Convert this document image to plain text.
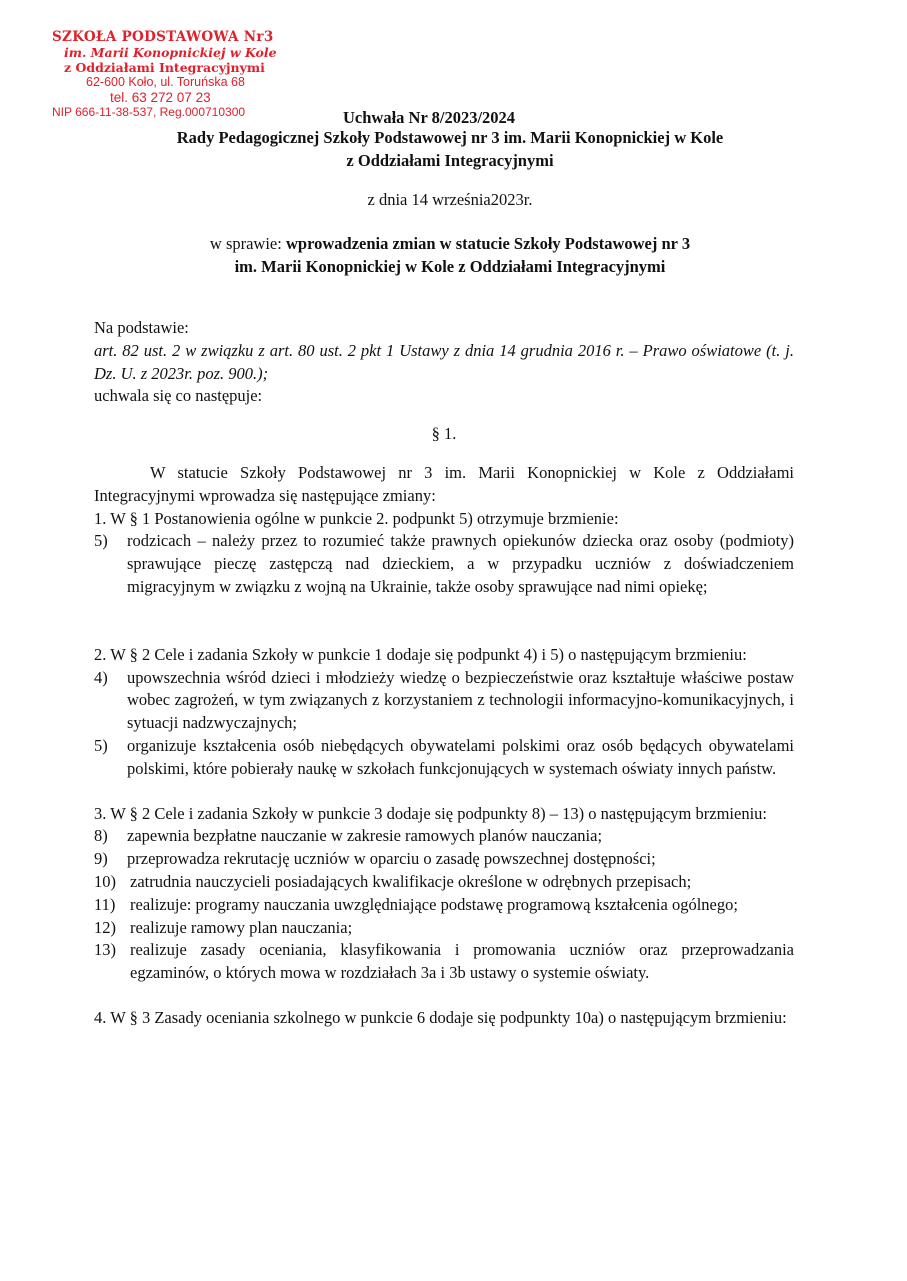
SZKOŁA PODSTAWOWA Nr3
im. Marii Konopnickiej w Kole
z Oddziałami Integracyjnymi
62-600 Koło, ul. Toruńska 68
tel. 63 272 07 23
NIP 666-11-38-537, Reg.000710300	Uchwała Nr 8/2023/2024
Rady Pedagogicznej Szkoły Podstawowej nr 3 im. Marii Konopnickiej w Kole
z Oddziałami Integracyjnymi
z dnia 14 września2023r.
w sprawie: wprowadzenia zmian w statucie Szkoły Podstawowej nr 3
im. Marii Konopnickiej w Kole z Oddziałami Integracyjnymi
Na podstawie:
art. 82 ust. 2 w związku z art. 80 ust. 2 pkt 1 Ustawy z dnia 14 grudnia 2016 r. – Prawo oświatowe (t. j. Dz. U. z 2023r. poz. 900.);
uchwala się co następuje:
§ 1.
W statucie Szkoły Podstawowej nr 3 im. Marii Konopnickiej w Kole z Oddziałami Integracyjnymi wprowadza się następujące zmiany:
1. W § 1 Postanowienia ogólne w punkcie 2. podpunkt 5) otrzymuje brzmienie:
5)	rodzicach – należy przez to rozumieć także prawnych opiekunów dziecka oraz osoby (podmioty) sprawujące pieczę zastępczą nad dzieckiem, a w przypadku uczniów z doświadczeniem migracyjnym w związku z wojną na Ukrainie, także osoby sprawujące nad nimi opiekę;
2. W § 2 Cele i zadania Szkoły w punkcie 1 dodaje się podpunkt 4) i 5) o następującym brzmieniu:
4)	upowszechnia wśród dzieci i młodzieży wiedzę o bezpieczeństwie oraz kształtuje właściwe postaw wobec zagrożeń, w tym związanych z korzystaniem z technologii informacyjno-komunikacyjnych, i sytuacji nadzwyczajnych;
5)	organizuje kształcenia osób niebędących obywatelami polskimi oraz osób będących obywatelami polskimi, które pobierały naukę w szkołach funkcjonujących w systemach oświaty innych państw.
3. W § 2 Cele i zadania Szkoły w punkcie 3 dodaje się podpunkty 8) – 13) o następującym brzmieniu:
8)	zapewnia bezpłatne nauczanie w zakresie ramowych planów nauczania;
9)	przeprowadza rekrutację uczniów w oparciu o zasadę powszechnej dostępności;
10) zatrudnia nauczycieli posiadających kwalifikacje określone w odrębnych przepisach;
11) realizuje: programy nauczania uwzględniające podstawę programową kształcenia ogólnego;
12) realizuje ramowy plan nauczania;
13) realizuje zasady oceniania, klasyfikowania i promowania uczniów oraz przeprowadzania egzaminów, o których mowa w rozdziałach 3a i 3b ustawy o systemie oświaty.
4. W § 3 Zasady oceniania szkolnego w punkcie 6 dodaje się podpunkty 10a) o następującym brzmieniu:
